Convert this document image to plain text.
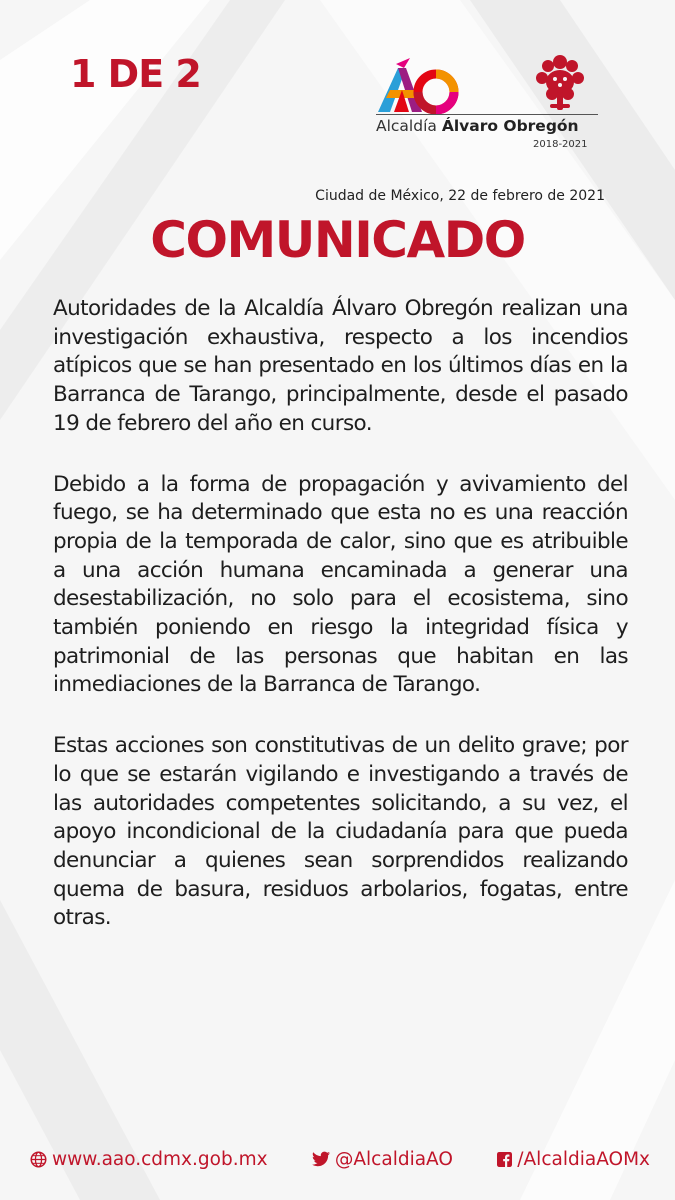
1 DE 2
Alcaldía Álvaro Obregón
2018-2021
Ciudad de México, 22 de febrero de 2021
COMUNICADO

Autoridades de la Alcaldía Álvaro Obregón realizan una investigación exhaustiva, respecto a los incendios atípicos que se han presentado en los últimos días en la Barranca de Tarango, principalmente, desde el pasado 19 de febrero del año en curso.

Debido a la forma de propagación y avivamiento del fuego, se ha determinado que esta no es una reacción propia de la temporada de calor, sino que es atribuible a una acción humana encaminada a generar una desestabilización, no solo para el ecosistema, sino también poniendo en riesgo la integridad física y patrimonial de las personas que habitan en las inmediaciones de la Barranca de Tarango.

Estas acciones son constitutivas de un delito grave; por lo que se estarán vigilando e investigando a través de las autoridades competentes solicitando, a su vez, el apoyo incondicional de la ciudadanía para que pueda denunciar a quienes sean sorprendidos realizando quema de basura, residuos arbolarios, fogatas, entre otras.

www.aao.cdmx.gob.mx	@AlcaldiaAO	/AlcaldiaAOMx
